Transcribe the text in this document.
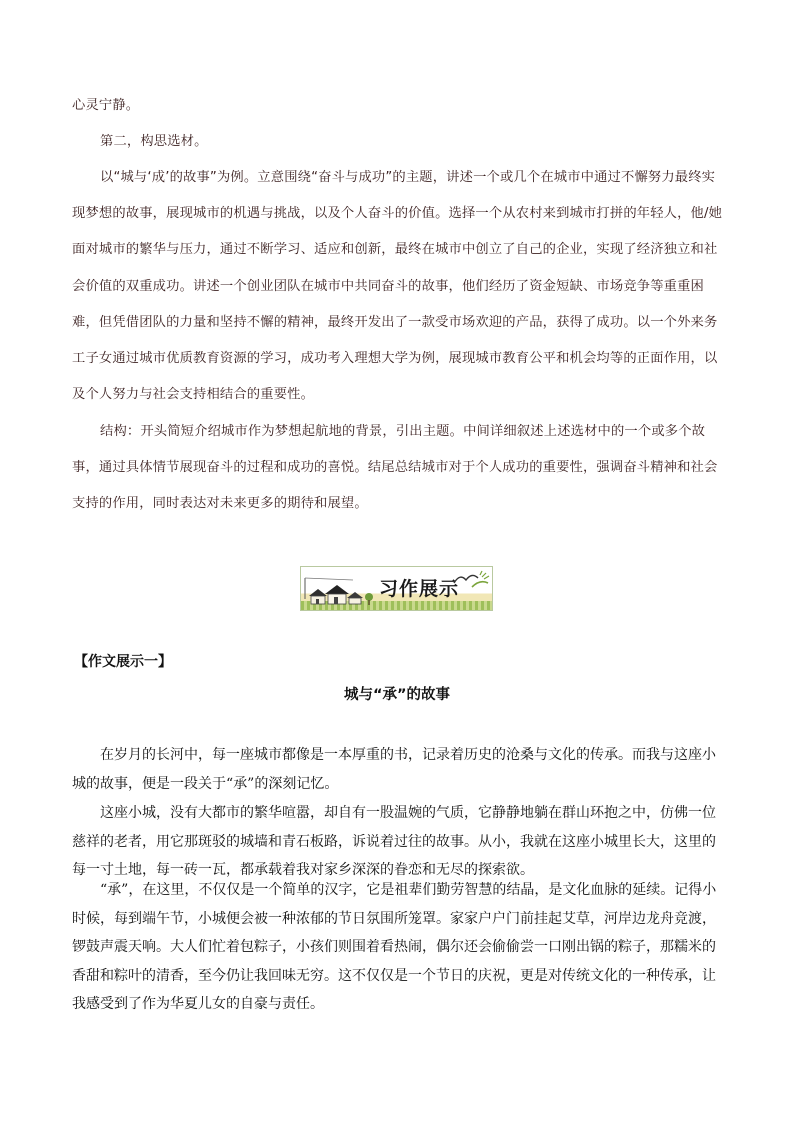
心灵宁静。

第二，构思选材。

以“城与‘成’的故事”为例。立意围绕“奋斗与成功”的主题，讲述一个或几个在城市中通过不懈努力最终实现梦想的故事，展现城市的机遇与挑战，以及个人奋斗的价值。选择一个从农村来到城市打拼的年轻人，他/她面对城市的繁华与压力，通过不断学习、适应和创新，最终在城市中创立了自己的企业，实现了经济独立和社会价值的双重成功。讲述一个创业团队在城市中共同奋斗的故事，他们经历了资金短缺、市场竞争等重重困难，但凭借团队的力量和坚持不懈的精神，最终开发出了一款受市场欢迎的产品，获得了成功。以一个外来务工子女通过城市优质教育资源的学习，成功考入理想大学为例，展现城市教育公平和机会均等的正面作用，以及个人努力与社会支持相结合的重要性。

结构：开头简短介绍城市作为梦想起航地的背景，引出主题。中间详细叙述上述选材中的一个或多个故事，通过具体情节展现奋斗的过程和成功的喜悦。结尾总结城市对于个人成功的重要性，强调奋斗精神和社会支持的作用，同时表达对未来更多的期待和展望。

习作展示

【作文展示一】

城与“承”的故事

在岁月的长河中，每一座城市都像是一本厚重的书，记录着历史的沧桑与文化的传承。而我与这座小城的故事，便是一段关于“承”的深刻记忆。

这座小城，没有大都市的繁华喧嚣，却自有一股温婉的气质，它静静地躺在群山环抱之中，仿佛一位慈祥的老者，用它那斑驳的城墙和青石板路，诉说着过往的故事。从小，我就在这座小城里长大，这里的每一寸土地，每一砖一瓦，都承载着我对家乡深深的眷恋和无尽的探索欲。

“承”，在这里，不仅仅是一个简单的汉字，它是祖辈们勤劳智慧的结晶，是文化血脉的延续。记得小时候，每到端午节，小城便会被一种浓郁的节日氛围所笼罩。家家户户门前挂起艾草，河岸边龙舟竞渡，锣鼓声震天响。大人们忙着包粽子，小孩们则围着看热闹，偶尔还会偷偷尝一口刚出锅的粽子，那糯米的香甜和粽叶的清香，至今仍让我回味无穷。这不仅仅是一个节日的庆祝，更是对传统文化的一种传承，让我感受到了作为华夏儿女的自豪与责任。
